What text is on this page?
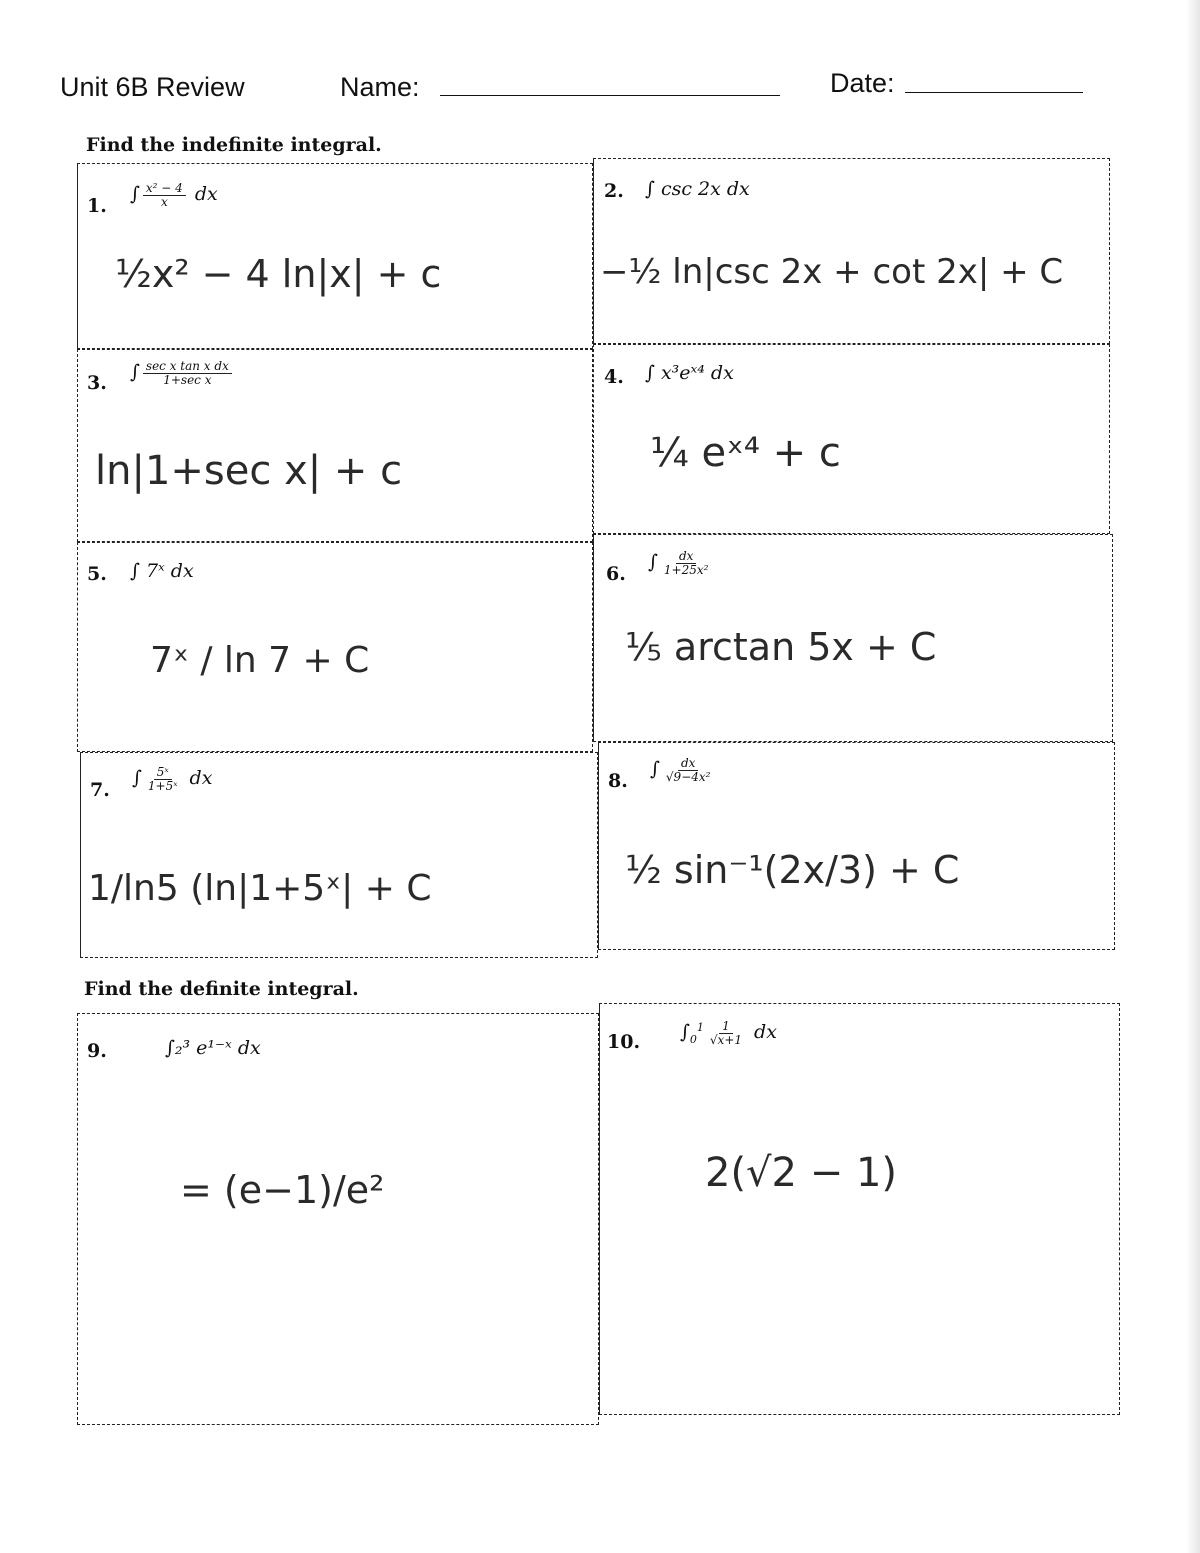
Unit 6B Review	Name:	Date:
Find the indefinite integral.
Find the definite integral.
1.
∫ $\frac{\text{x² − 4}}{x}$ dx
½x² − 4 ln|x| + c
2. ∫ csc 2x dx
−½ ln|csc 2x + cot 2x| + C
3. ∫ $\frac{\text{sec x tan x dx}}{\text{1+sec x}}$
ln|1+sec x| + c
4. ∫ x³eˣ⁴ dx
¼ eˣ⁴ + c
5. ∫ 7ˣ dx
7ˣ / ln 7 + C
6.
∫ $\frac{dx}{\text{1+25x²}}$
⅕ arctan 5x + C
7.
∫ $\frac{\text{5ˣ}}{\text{1+5ˣ}}$ dx
1/ln5 (ln|1+5ˣ| + C
8.
∫ $\frac{dx}{\text{√9−4x²}}$
½ sin⁻¹(2x/3) + C
9.	∫₂³ e¹⁻ˣ dx
= (e−1)/e²
10. $\int_0^1 \frac{1}{√x+1}$ dx
2(√2 − 1)
